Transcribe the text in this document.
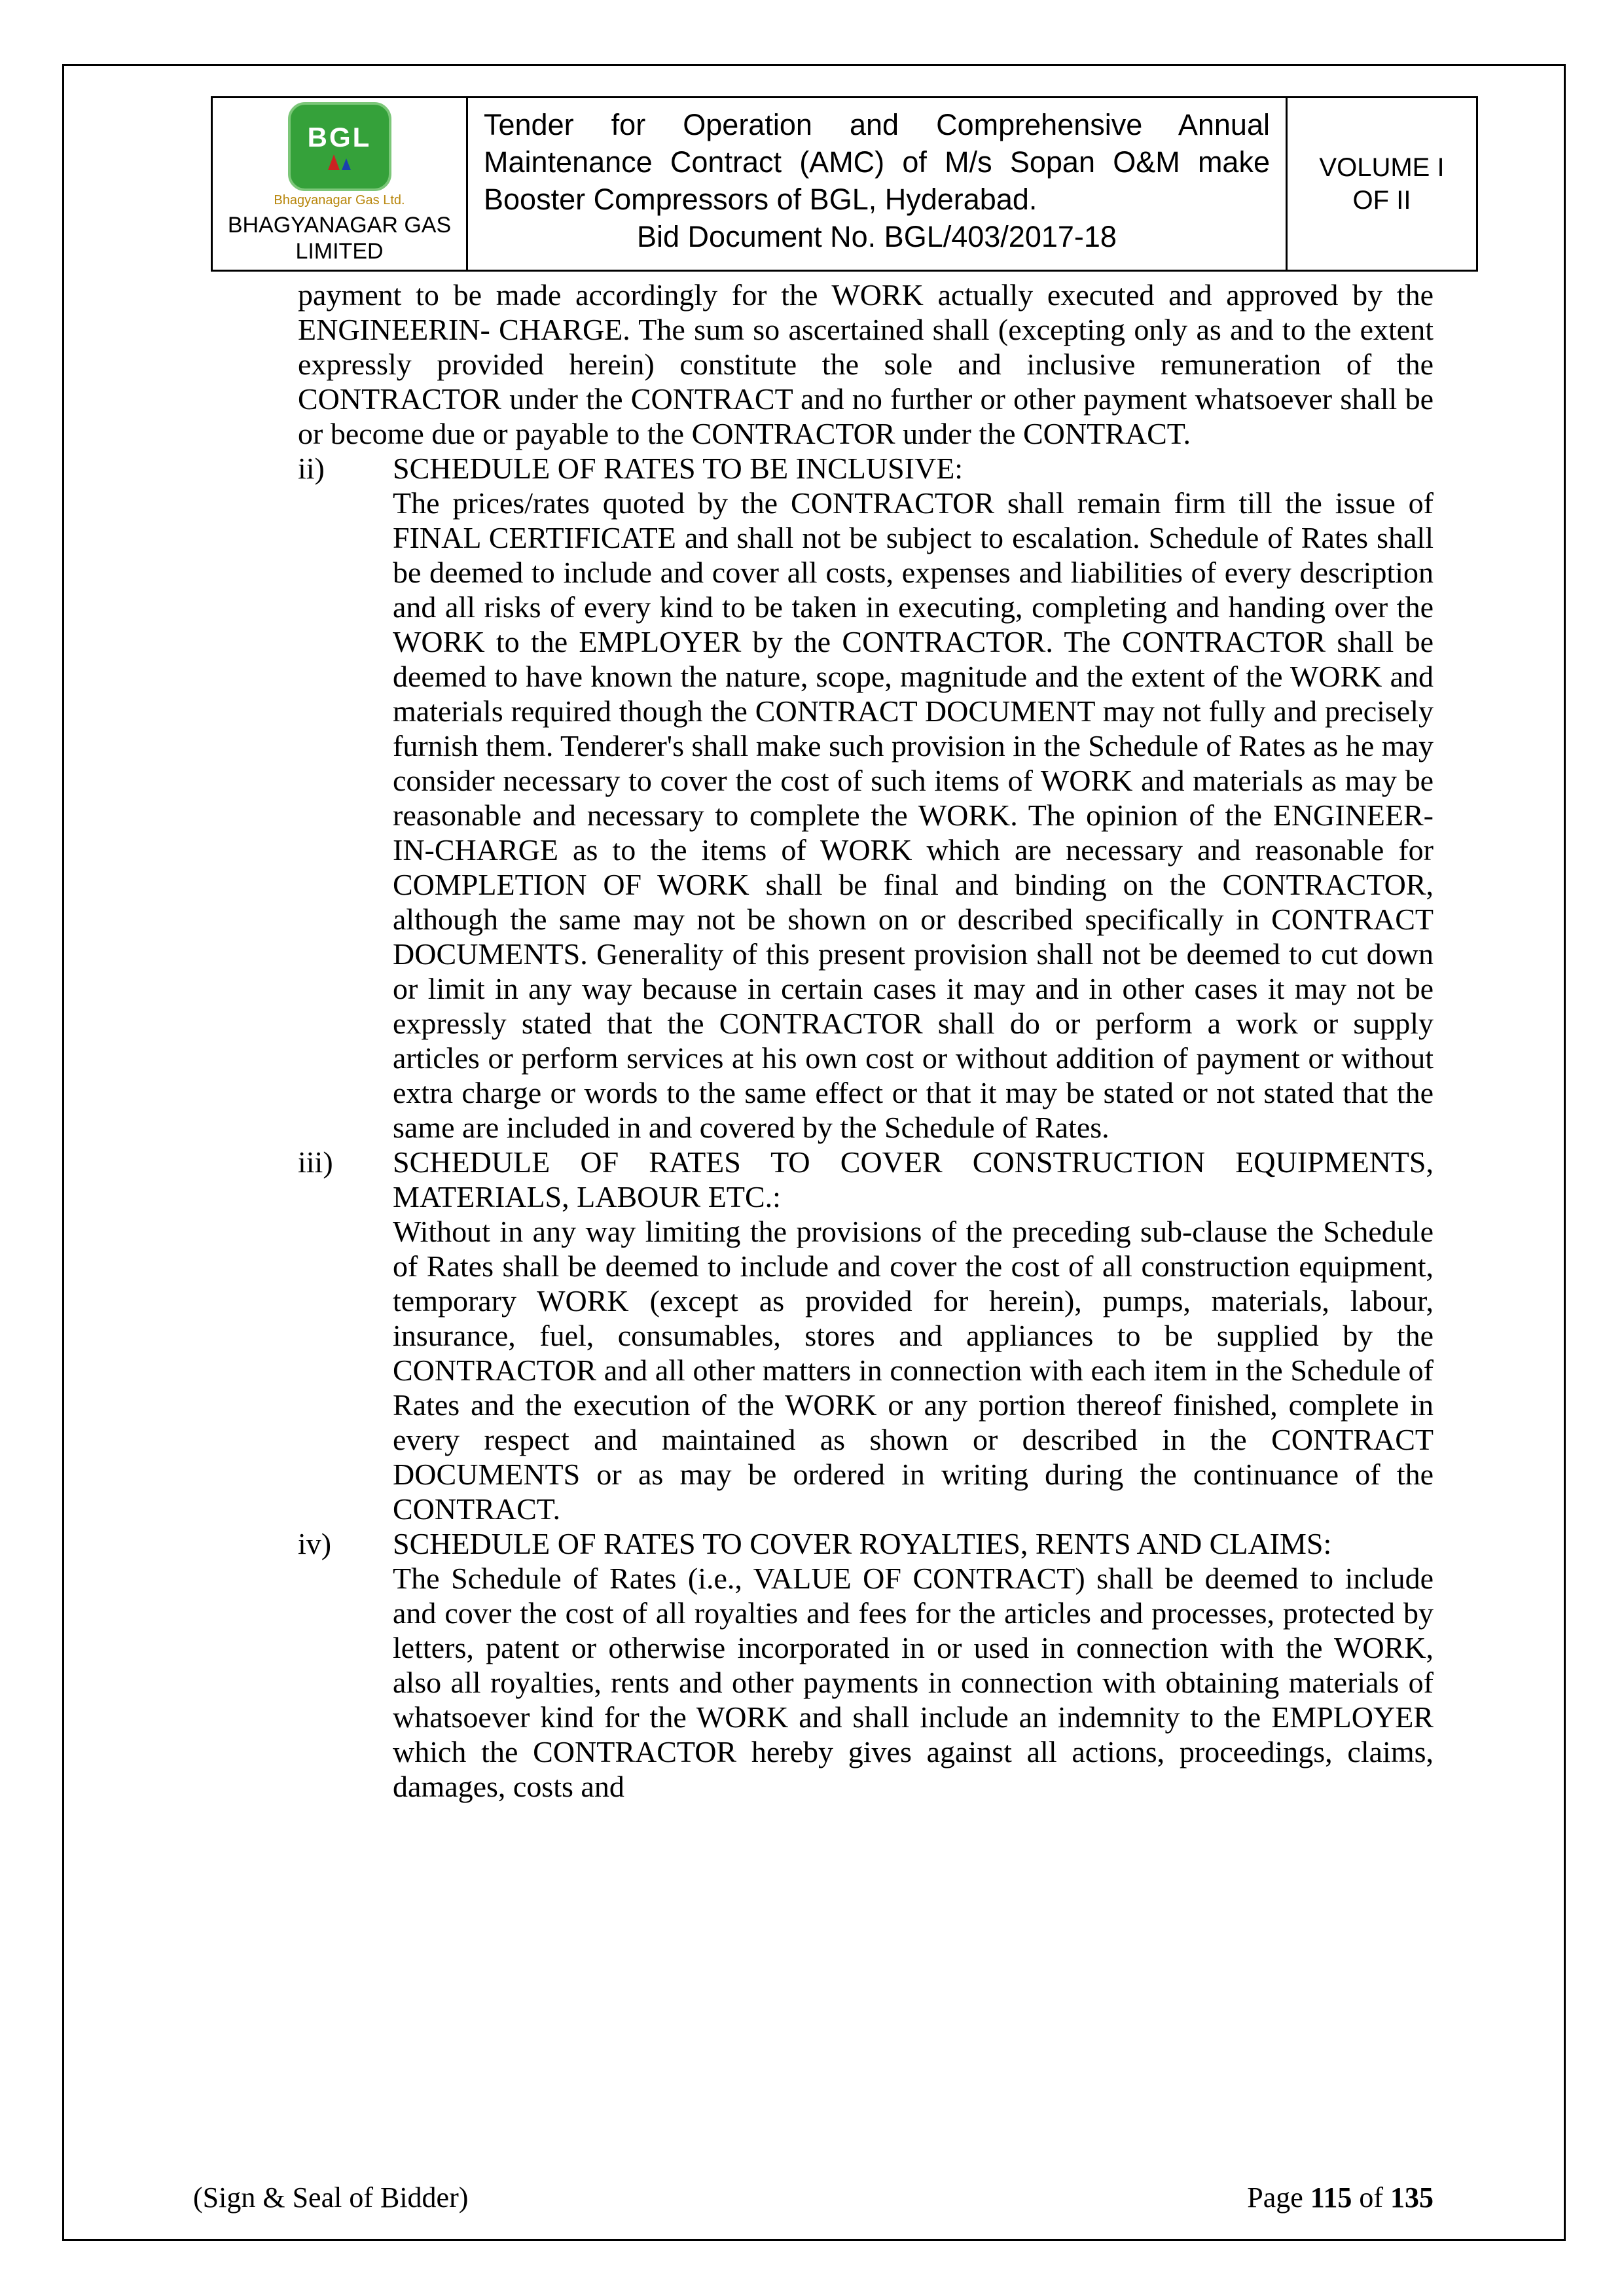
BGL
Bhagyanagar Gas Ltd.
BHAGYANAGAR GAS LIMITED
Tender for Operation and Comprehensive Annual Maintenance Contract (AMC) of M/s Sopan O&M make Booster Compressors of BGL, Hyderabad.
Bid Document No. BGL/403/2017-18
VOLUME I
OF II

payment to be made accordingly for the WORK actually executed and approved by the ENGINEERIN- CHARGE. The sum so ascertained shall (excepting only as and to the extent expressly provided herein) constitute the sole and inclusive remuneration of the CONTRACTOR under the CONTRACT and no further or other payment whatsoever shall be or become due or payable to the CONTRACTOR under the CONTRACT.

ii) SCHEDULE OF RATES TO BE INCLUSIVE:

The prices/rates quoted by the CONTRACTOR shall remain firm till the issue of FINAL CERTIFICATE and shall not be subject to escalation. Schedule of Rates shall be deemed to include and cover all costs, expenses and liabilities of every description and all risks of every kind to be taken in executing, completing and handing over the WORK to the EMPLOYER by the CONTRACTOR. The CONTRACTOR shall be deemed to have known the nature, scope, magnitude and the extent of the WORK and materials required though the CONTRACT DOCUMENT may not fully and precisely furnish them. Tenderer's shall make such provision in the Schedule of Rates as he may consider necessary to cover the cost of such items of WORK and materials as may be reasonable and necessary to complete the WORK. The opinion of the ENGINEER-IN-CHARGE as to the items of WORK which are necessary and reasonable for COMPLETION OF WORK shall be final and binding on the CONTRACTOR, although the same may not be shown on or described specifically in CONTRACT DOCUMENTS. Generality of this present provision shall not be deemed to cut down or limit in any way because in certain cases it may and in other cases it may not be expressly stated that the CONTRACTOR shall do or perform a work or supply articles or perform services at his own cost or without addition of payment or without extra charge or words to the same effect or that it may be stated or not stated that the same are included in and covered by the Schedule of Rates.

iii) SCHEDULE OF RATES TO COVER CONSTRUCTION EQUIPMENTS, MATERIALS, LABOUR ETC.:

Without in any way limiting the provisions of the preceding sub-clause the Schedule of Rates shall be deemed to include and cover the cost of all construction equipment, temporary WORK (except as provided for herein), pumps, materials, labour, insurance, fuel, consumables, stores and appliances to be supplied by the CONTRACTOR and all other matters in connection with each item in the Schedule of Rates and the execution of the WORK or any portion thereof finished, complete in every respect and maintained as shown or described in the CONTRACT DOCUMENTS or as may be ordered in writing during the continuance of the CONTRACT.

iv) SCHEDULE OF RATES TO COVER ROYALTIES, RENTS AND CLAIMS:

The Schedule of Rates (i.e., VALUE OF CONTRACT) shall be deemed to include and cover the cost of all royalties and fees for the articles and processes, protected by letters, patent or otherwise incorporated in or used in connection with the WORK, also all royalties, rents and other payments in connection with obtaining materials of whatsoever kind for the WORK and shall include an indemnity to the EMPLOYER which the CONTRACTOR hereby gives against all actions, proceedings, claims, damages, costs and

(Sign & Seal of Bidder)	Page 115 of 135
